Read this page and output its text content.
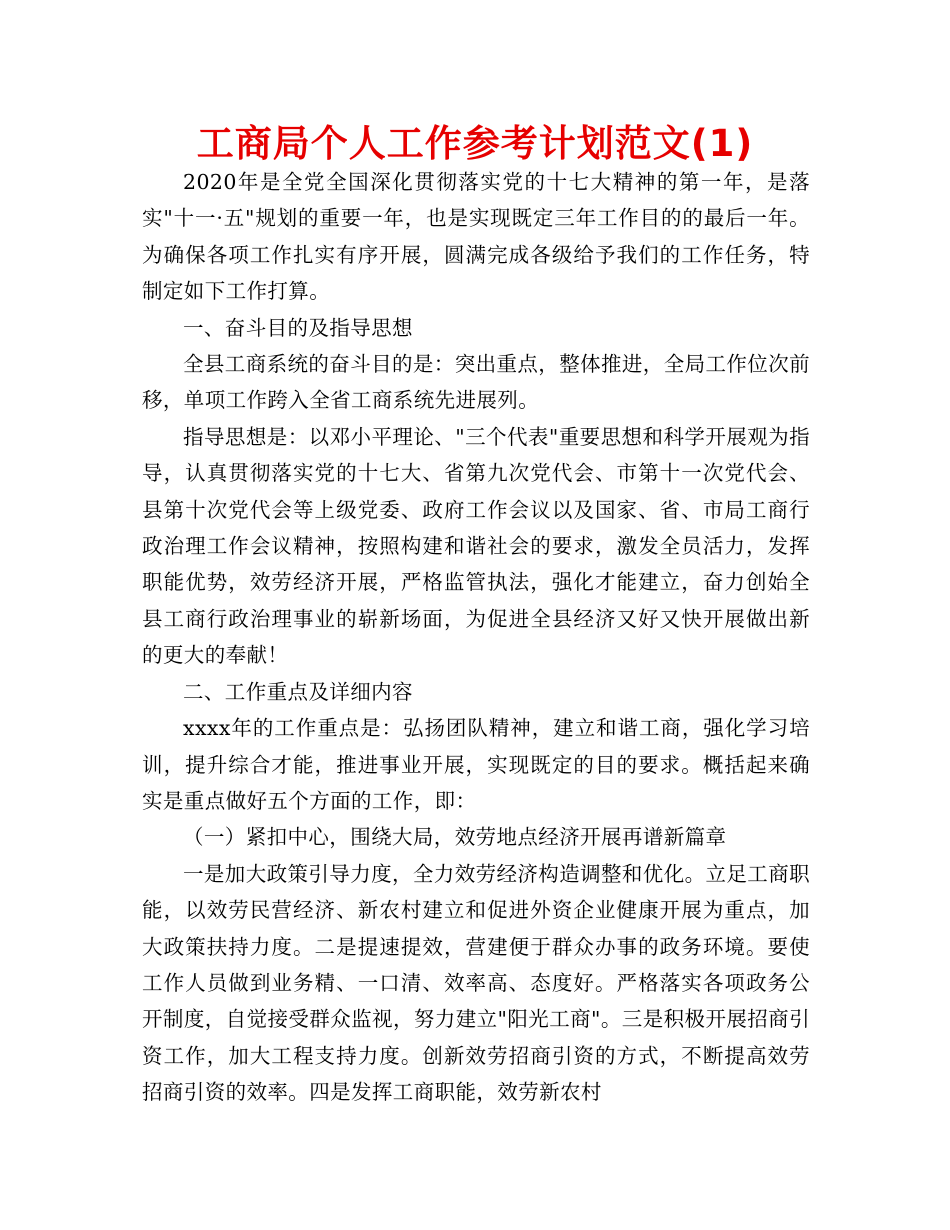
工商局个人工作参考计划范文(1)

2020年是全党全国深化贯彻落实党的十七大精神的第一年，是落实"十一·五"规划的重要一年，也是实现既定三年工作目的的最后一年。为确保各项工作扎实有序开展，圆满完成各级给予我们的工作任务，特制定如下工作打算。

一、奋斗目的及指导思想

全县工商系统的奋斗目的是：突出重点，整体推进，全局工作位次前移，单项工作跨入全省工商系统先进展列。

指导思想是：以邓小平理论、"三个代表"重要思想和科学开展观为指导，认真贯彻落实党的十七大、省第九次党代会、市第十一次党代会、县第十次党代会等上级党委、政府工作会议以及国家、省、市局工商行政治理工作会议精神，按照构建和谐社会的要求，激发全员活力，发挥职能优势，效劳经济开展，严格监管执法，强化才能建立，奋力创始全县工商行政治理事业的崭新场面，为促进全县经济又好又快开展做出新的更大的奉献！

二、工作重点及详细内容

xxxx年的工作重点是：弘扬团队精神，建立和谐工商，强化学习培训，提升综合才能，推进事业开展，实现既定的目的要求。概括起来确实是重点做好五个方面的工作，即：

（一）紧扣中心，围绕大局，效劳地点经济开展再谱新篇章

一是加大政策引导力度，全力效劳经济构造调整和优化。立足工商职能，以效劳民营经济、新农村建立和促进外资企业健康开展为重点，加大政策扶持力度。二是提速提效，营建便于群众办事的政务环境。要使工作人员做到业务精、一口清、效率高、态度好。严格落实各项政务公开制度，自觉接受群众监视，努力建立"阳光工商"。三是积极开展招商引资工作，加大工程支持力度。创新效劳招商引资的方式，不断提高效劳招商引资的效率。四是发挥工商职能，效劳新农村
